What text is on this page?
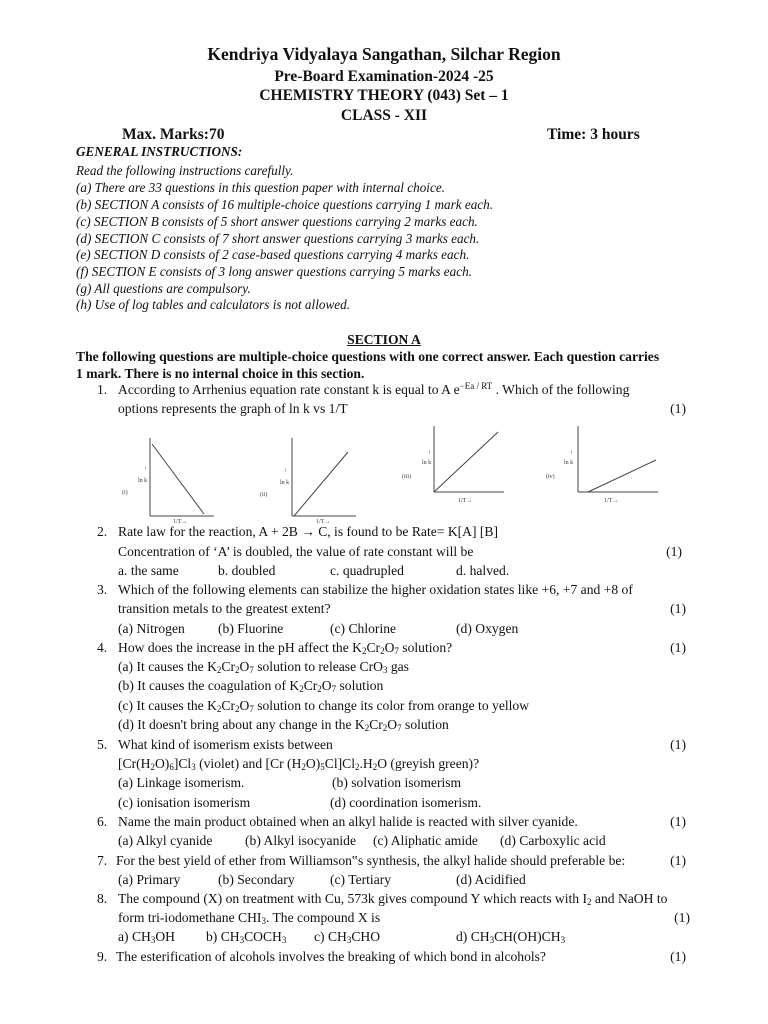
Kendriya Vidyalaya Sangathan, Silchar Region
Pre-Board Examination-2024 -25
CHEMISTRY THEORY (043) Set – 1
CLASS - XII
Max. Marks:70	Time: 3 hours
GENERAL INSTRUCTIONS:
Read the following instructions carefully.
(a) There are 33 questions in this question paper with internal choice.
(b) SECTION A consists of 16 multiple-choice questions carrying 1 mark each.
(c) SECTION B consists of 5 short answer questions carrying 2 marks each.
(d) SECTION C consists of 7 short answer questions carrying 3 marks each.
(e) SECTION D consists of 2 case-based questions carrying 4 marks each.
(f) SECTION E consists of 3 long answer questions carrying 5 marks each.
(g) All questions are compulsory.
(h) Use of log tables and calculators is not allowed.
SECTION A
The following questions are multiple-choice questions with one correct answer. Each question carries
1 mark. There is no internal choice in this section.
1. According to Arrhenius equation rate constant k is equal to A $e^{-Ea / RT}$ . Which of the following
options represents the graph of ln k vs 1/T	(1)
↑
ln k
(i)
1/T→
↑
ln k
(ii)
1/T→
↑
ln k
(iii)
1/T→
↑
ln k
(iv)
1/T→
2. Rate law for the reaction, A + 2B → C, is found to be Rate= K[A] [B]
Concentration of ‘A’ is doubled, the value of rate constant will be	(1)
a. the same	b. doubled	c. quadrupled	d. halved.
3. Which of the following elements can stabilize the higher oxidation states like +6, +7 and +8 of
transition metals to the greatest extent?	(1)
(a) Nitrogen (b) Fluorine	(c) Chlorine	(d) Oxygen
4. How does the increase in the pH affect the $K_2Cr_2O_7$ solution?	(1)
(a) It causes the $K_2Cr_2O_7$ solution to release CrO$_3$ gas
(b) It causes the coagulation of $K_2Cr_2O_7$ solution
(c) It causes the $K_2Cr_2O_7$ solution to change its color from orange to yellow
(d) It doesn't bring about any change in the $K_2Cr_2O_7$ solution
5. What kind of isomerism exists between	(1)
$[Cr(H_2O)_6]Cl_3$ (violet) and [Cr $(H_2O)_5Cl]Cl_2.H_2O$ (greyish green)?
(a) Linkage isomerism.	(b) solvation isomerism
(c) ionisation isomerism	(d) coordination isomerism.
6. Name the main product obtained when an alkyl halide is reacted with silver cyanide.	(1)
(a) Alkyl cyanide (b) Alkyl isocyanide (c) Aliphatic amide (d) Carboxylic acid
7. For the best yield of ether from Williamson‟s synthesis, the alkyl halide should preferable be:	(1)
(a) Primary	(b) Secondary	(c) Tertiary	(d) Acidified
8. The compound (X) on treatment with Cu, 573k gives compound Y which reacts with $I_2$ and NaOH to
form tri-iodomethane $CHI_3$. The compound X is	(1)
a) $CH_3OH$ b) $CH_3COCH_3$ c) $CH_3CHO$	d) $CH_3CH(OH)CH_3$
9. The esterification of alcohols involves the breaking of which bond in alcohols?	(1)
